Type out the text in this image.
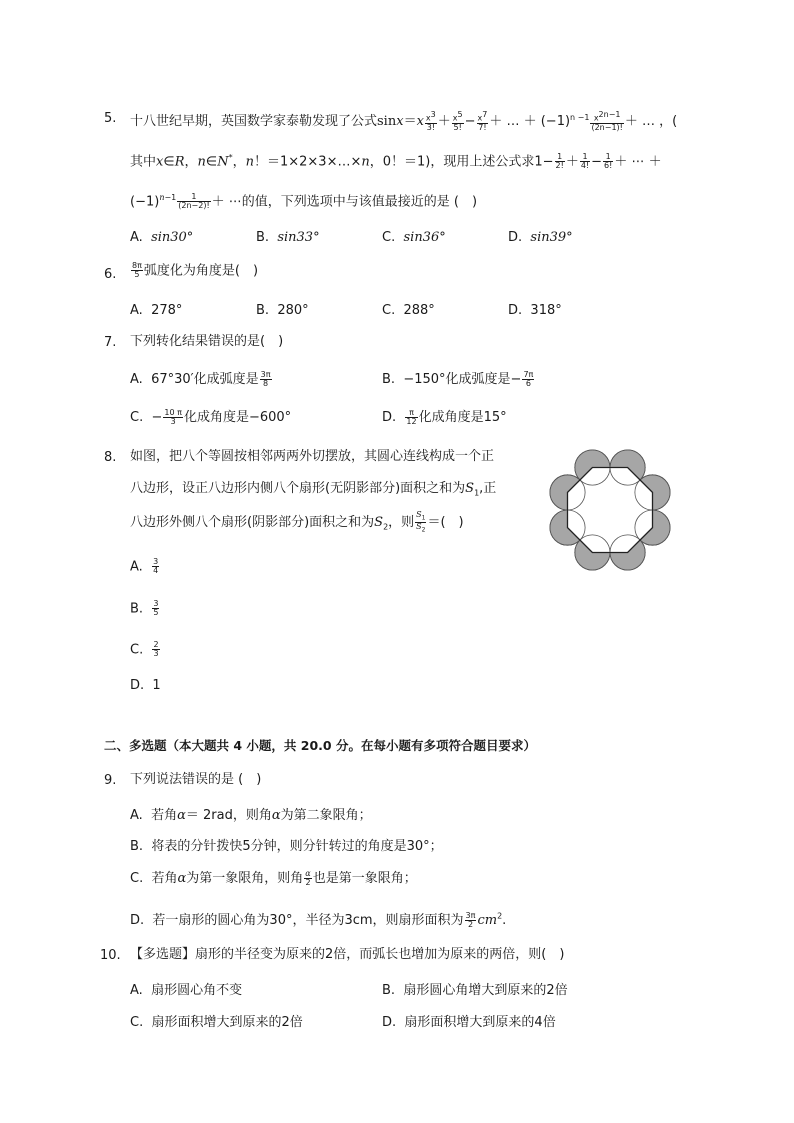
5. 十八世纪早期，英国数学家泰勒发现了公式$\sin x=x \frac{x^3}{3!} + \frac{x^5}{5!} - \frac{x^7}{7!}$ ＋ … ＋ $(-1)^{n -1} \frac{x^{2n-1}}{(2n-1)!}$ ＋ … ，(
其中x∈R，n∈N*，n！＝1×2×3×…×n，0！＝1)，现用上述公式求$1- \frac{1}{2!} + \frac{1}{4!} - \frac{1}{6!}$ ＋ ⋯ ＋
$(-1)^{n-1} \frac{1}{(2n-2)!}$ ＋ ⋯的值，下列选项中与该值最接近的是 (　)
A. sin30°	B. sin33°	C. sin36°	D. sin39°
6. $\frac{8\pi}{5}$ 弧度化为角度是(　)
A. 278°	B. 280°	C. 288°	D. 318°
7. 下列转化结果错误的是(　)
A. 67°30′化成弧度是 $\frac{3\pi}{8}$	B. −150°化成弧度是− $\frac{7\pi}{6}$
C. − $\frac{10 \pi}{3}$ 化成角度是−600°	D. $\frac{\pi}{12}$ 化成角度是15°
8. 如图，把八个等圆按相邻两两外切摆放，其圆心连线构成一个正
八边形，设正八边形内侧八个扇形(无阴影部分)面积之和为$S_1$,正
八边形外侧八个扇形(阴影部分)面积之和为$S_2$，则 $\frac{S_1}{S_2}$ ＝(　)
A. $\frac{3}{4}$
B. $\frac{3}{5}$
C. $\frac{2}{3}$
D. 1
二、多选题（本大题共 4 小题，共 20.0 分。在每小题有多项符合题目要求）
9. 下列说法错误的是 (　)
A. 若角α＝ 2rad，则角α为第二象限角；
B. 将表的分针拨快5分钟，则分针转过的角度是30°；
C. 若角α为第一象限角，则角 $\frac{\alpha}{2}$ 也是第一象限角；
D. 若一扇形的圆心角为30°，半径为3cm，则扇形面积为 $\frac{3\pi}{2} cm^2$.
10. 【多选题】扇形的半径变为原来的2倍，而弧长也增加为原来的两倍，则(　)
A. 扇形圆心角不变	B. 扇形圆心角增大到原来的2倍
C. 扇形面积增大到原来的2倍	D. 扇形面积增大到原来的4倍
